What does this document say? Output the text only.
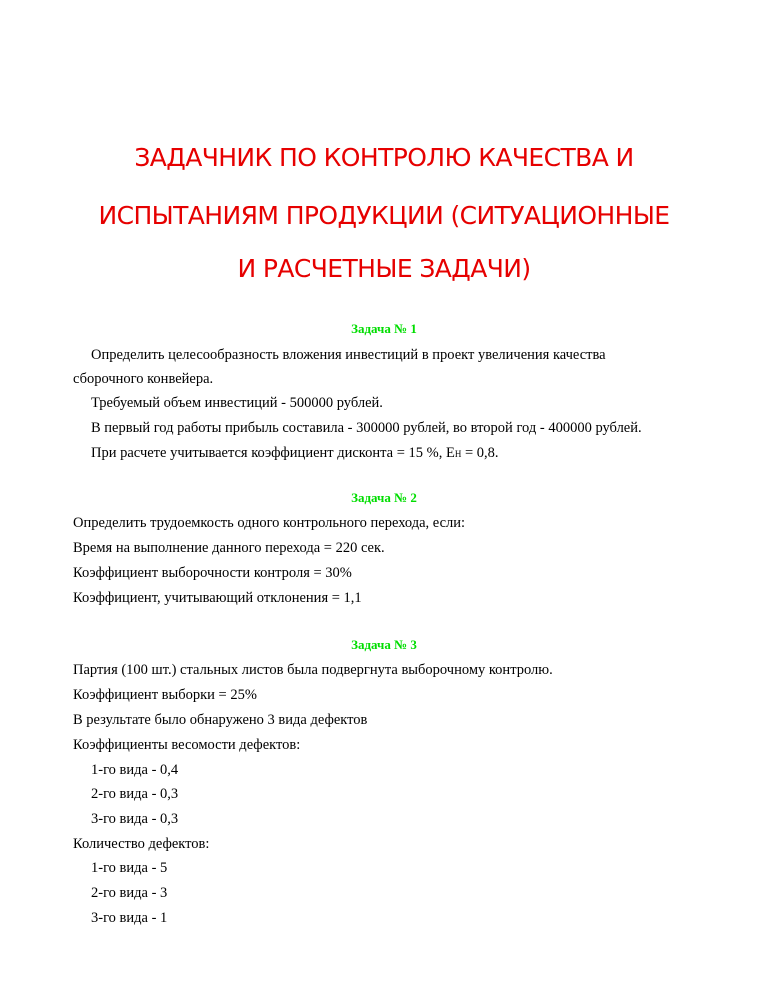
ЗАДАЧНИК ПО КОНТРОЛЮ КАЧЕСТВА И
ИСПЫТАНИЯМ ПРОДУКЦИИ (СИТУАЦИОННЫЕ
И РАСЧЕТНЫЕ ЗАДАЧИ)
Задача № 1

Определить целесообразность вложения инвестиций в проект увеличения качества

сборочного конвейера.

Требуемый объем инвестиций - 500000 рублей.

В первый год работы прибыль составила - 300000 рублей, во второй год - 400000 рублей.

При расчете учитывается коэффициент дисконта = 15 %, ЕН = 0,8.

Задача № 2

Определить трудоемкость одного контрольного перехода, если:

Время на выполнение данного перехода = 220 сек.

Коэффициент выборочности контроля = 30%

Коэффициент, учитывающий отклонения = 1,1

Задача № 3

Партия (100 шт.) стальных листов была подвергнута выборочному контролю.

Коэффициент выборки = 25%

В результате было обнаружено 3 вида дефектов

Коэффициенты весомости дефектов:

1-го вида - 0,4

2-го вида - 0,3

3-го вида - 0,3

Количество дефектов:

1-го вида - 5

2-го вида - 3

3-го вида - 1
